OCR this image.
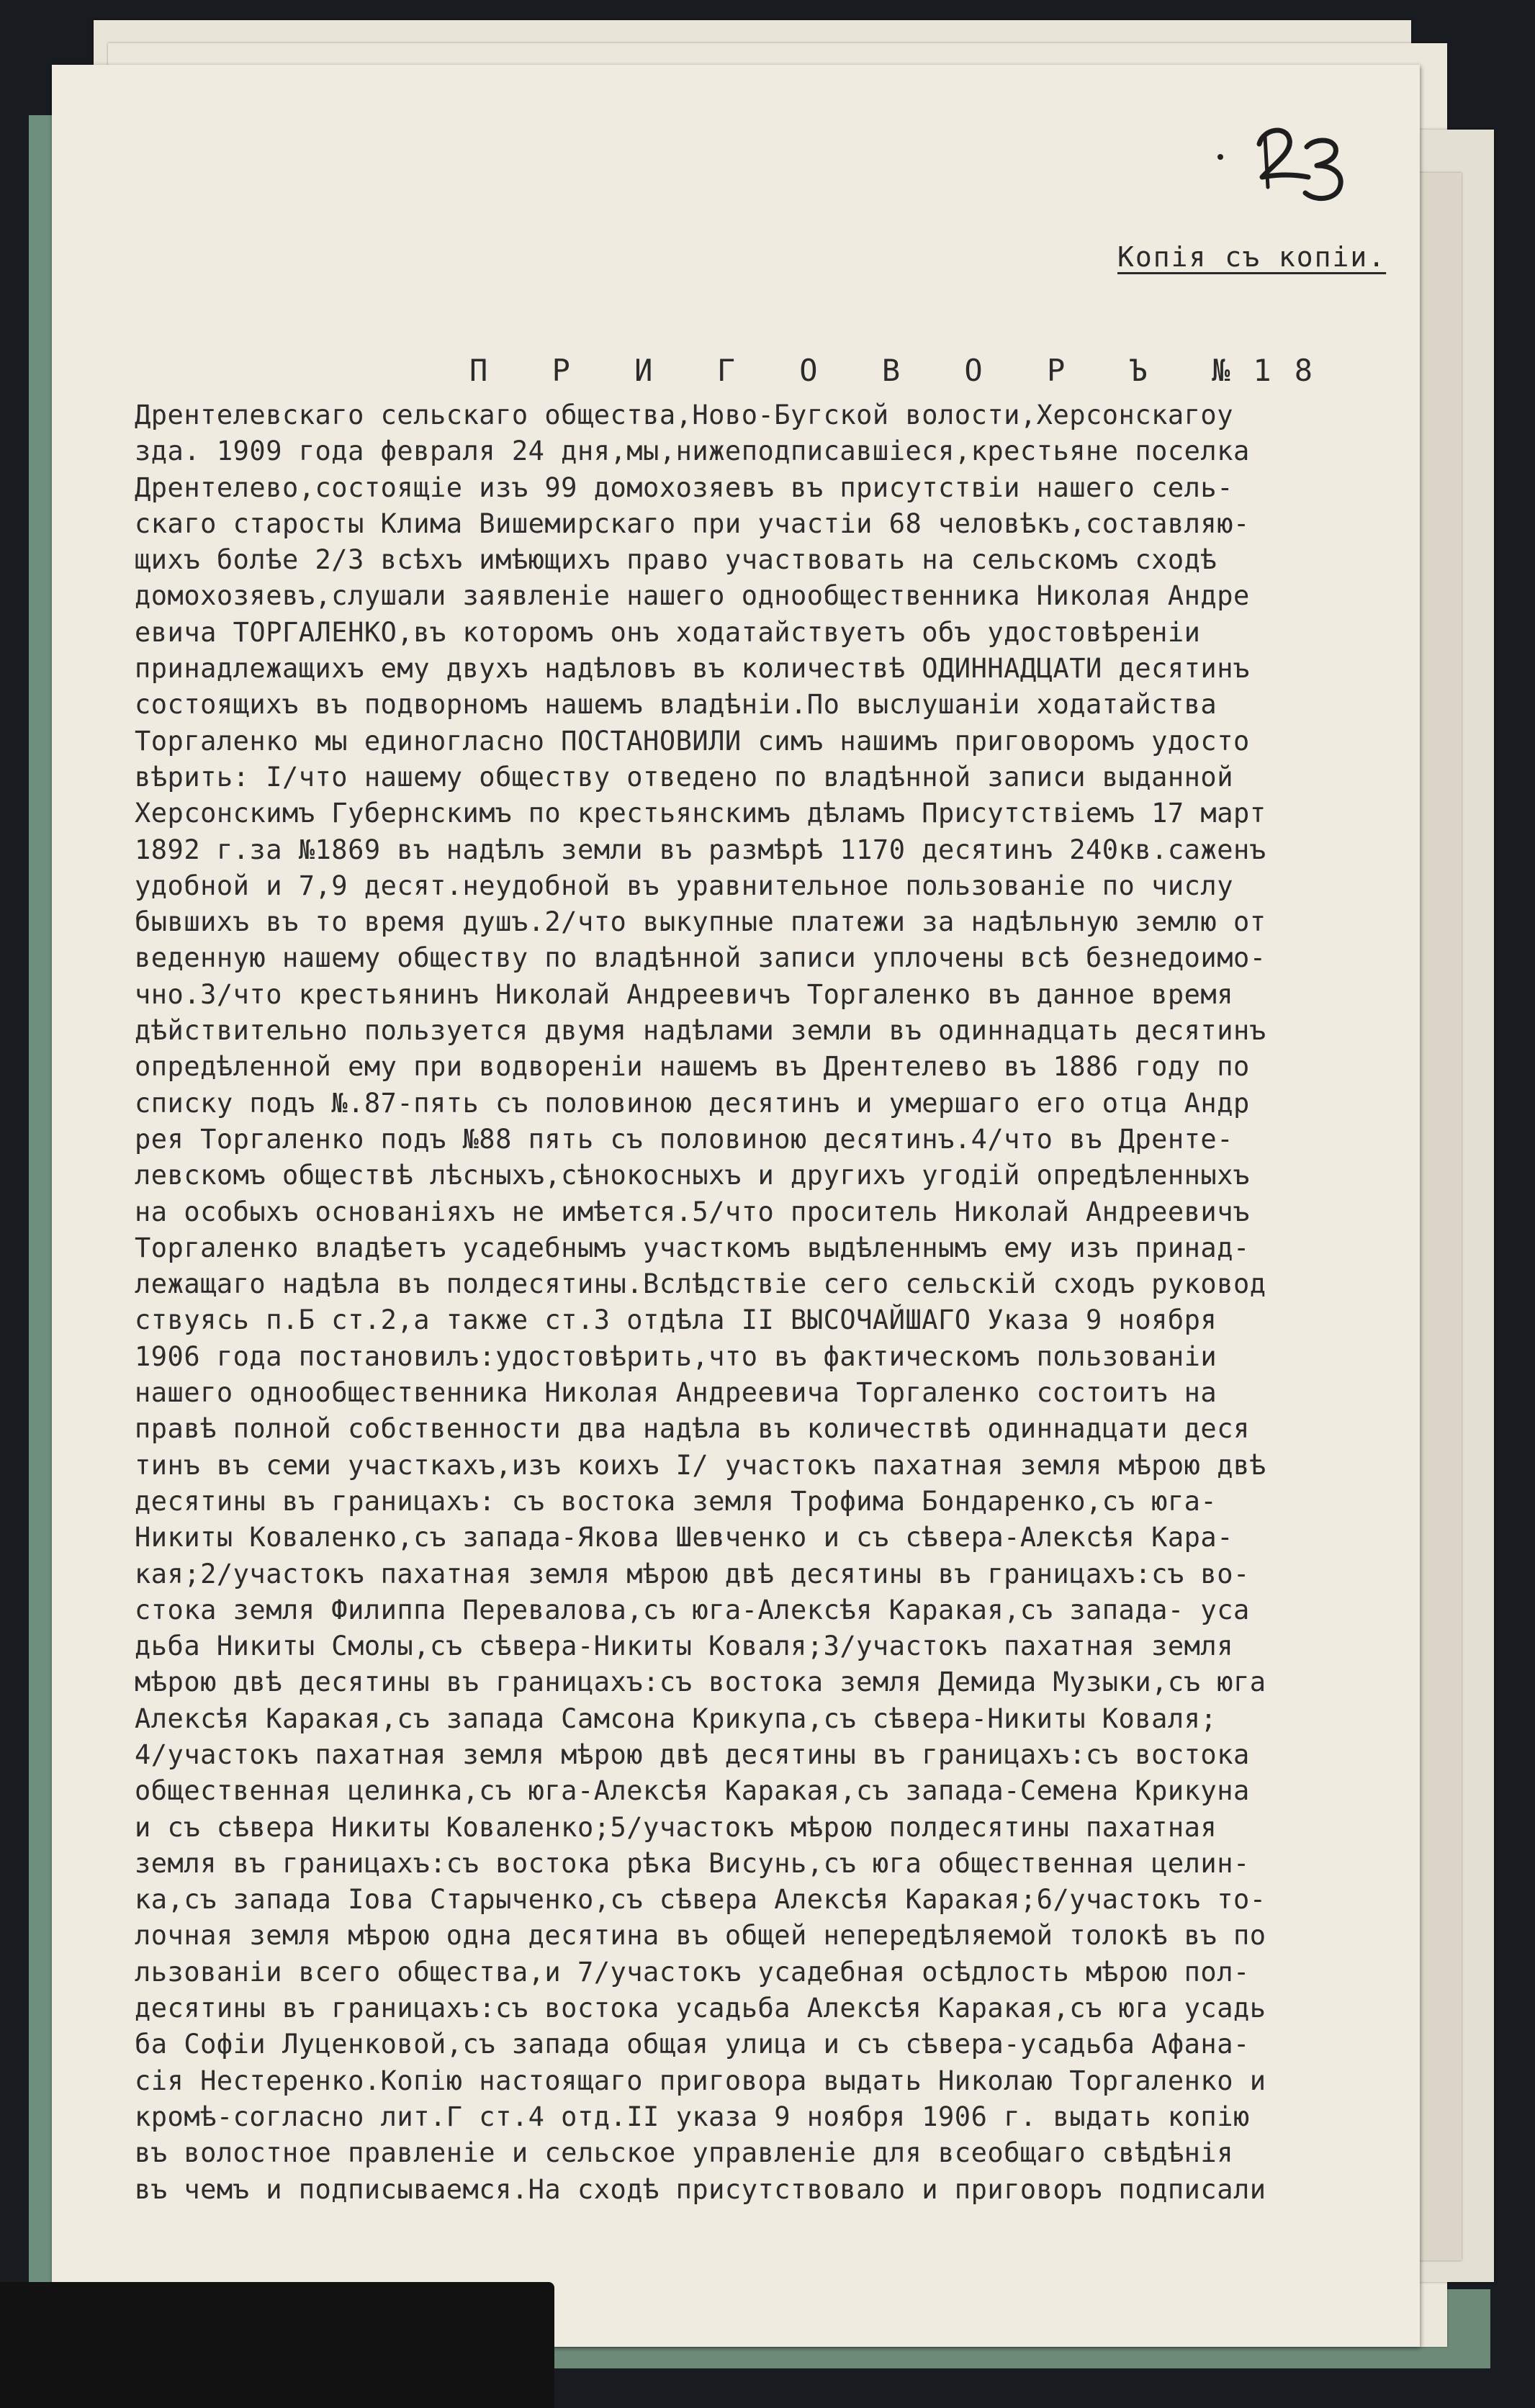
Копія съ копіи.
П Р И Г О В О Р Ъ №18
Дрентелевскаго сельскаго общества,Ново-Бугской волости,Херсонскагоу
зда. 1909 года февраля 24 дня,мы,нижеподписавшіеся,крестьяне поселка
Дрентелево,состоящіе изъ 99 домохозяевъ въ присутствіи нашего сель-
скаго старосты Клима Вишемирскаго при участіи 68 человѣкъ,составляю-
щихъ болѣе 2/3 всѣхъ имѣющихъ право участвовать на сельскомъ сходѣ
домохозяевъ,слушали заявленіе нашего однообщественника Николая Андре
евича ТОРГАЛЕНКО,въ которомъ онъ ходатайствуетъ объ удостовѣреніи
принадлежащихъ ему двухъ надѣловъ въ количествѣ ОДИННАДЦАТИ десятинъ
состоящихъ въ подворномъ нашемъ владѣніи.По выслушаніи ходатайства
Торгаленко мы единогласно ПОСТАНОВИЛИ симъ нашимъ приговоромъ удосто
вѣрить: I/что нашему обществу отведено по владѣнной записи выданной
Херсонскимъ Губернскимъ по крестьянскимъ дѣламъ Присутствіемъ 17 март
1892 г.за №1869 въ надѣлъ земли въ размѣрѣ 1170 десятинъ 240кв.саженъ
удобной и 7,9 десят.неудобной въ уравнительное пользованіе по числу
бывшихъ въ то время душъ.2/что выкупные платежи за надѣльную землю от
веденную нашему обществу по владѣнной записи уплочены всѣ безнедоимо-
чно.3/что крестьянинъ Николай Андреевичъ Торгаленко въ данное время
дѣйствительно пользуется двумя надѣлами земли въ одиннадцать десятинъ
опредѣленной ему при водвореніи нашемъ въ Дрентелево въ 1886 году по
списку подъ №.87-пять съ половиною десятинъ и умершаго его отца Андр
рея Торгаленко подъ №88 пять съ половиною десятинъ.4/что въ Дренте-
левскомъ обществѣ лѣсныхъ,сѣнокосныхъ и другихъ угодій опредѣленныхъ
на особыхъ основаніяхъ не имѣется.5/что проситель Николай Андреевичъ
Торгаленко владѣетъ усадебнымъ участкомъ выдѣленнымъ ему изъ принад-
лежащаго надѣла въ полдесятины.Вслѣдствіе сего сельскій сходъ руковод
ствуясь п.Б ст.2,а также ст.3 отдѣла II ВЫСОЧАЙШАГО Указа 9 ноября
1906 года постановилъ:удостовѣрить,что въ фактическомъ пользованіи
нашего однообщественника Николая Андреевича Торгаленко состоитъ на
правѣ полной собственности два надѣла въ количествѣ одиннадцати деся
тинъ въ семи участкахъ,изъ коихъ I/ участокъ пахатная земля мѣрою двѣ
десятины въ границахъ: съ востока земля Трофима Бондаренко,съ юга-
Никиты Коваленко,съ запада-Якова Шевченко и съ сѣвера-Алексѣя Кара-
кая;2/участокъ пахатная земля мѣрою двѣ десятины въ границахъ:съ во-
стока земля Филиппа Перевалова,съ юга-Алексѣя Каракая,съ запада- уса
дьба Никиты Смолы,съ сѣвера-Никиты Коваля;3/участокъ пахатная земля
мѣрою двѣ десятины въ границахъ:съ востока земля Демида Музыки,съ юга
Алексѣя Каракая,съ запада Самсона Крикупа,съ сѣвера-Никиты Коваля;
4/участокъ пахатная земля мѣрою двѣ десятины въ границахъ:съ востока
общественная целинка,съ юга-Алексѣя Каракая,съ запада-Семена Крикуна
и съ сѣвера Никиты Коваленко;5/участокъ мѣрою полдесятины пахатная
земля въ границахъ:съ востока рѣка Висунь,съ юга общественная целин-
ка,съ запада Іова Старыченко,съ сѣвера Алексѣя Каракая;6/участокъ то-
лочная земля мѣрою одна десятина въ общей непередѣляемой толокѣ въ по
льзованіи всего общества,и 7/участокъ усадебная осѣдлость мѣрою пол-
десятины въ границахъ:съ востока усадьба Алексѣя Каракая,съ юга усадь
ба Софіи Луценковой,съ запада общая улица и съ сѣвера-усадьба Афана-
сія Нестеренко.Копію настоящаго приговора выдать Николаю Торгаленко и
кромѣ-согласно лит.Г ст.4 отд.II указа 9 ноября 1906 г. выдать копію
въ волостное правленіе и сельское управленіе для всеобщаго свѣдѣнія
въ чемъ и подписываемся.На сходѣ присутствовало и приговоръ подписали
